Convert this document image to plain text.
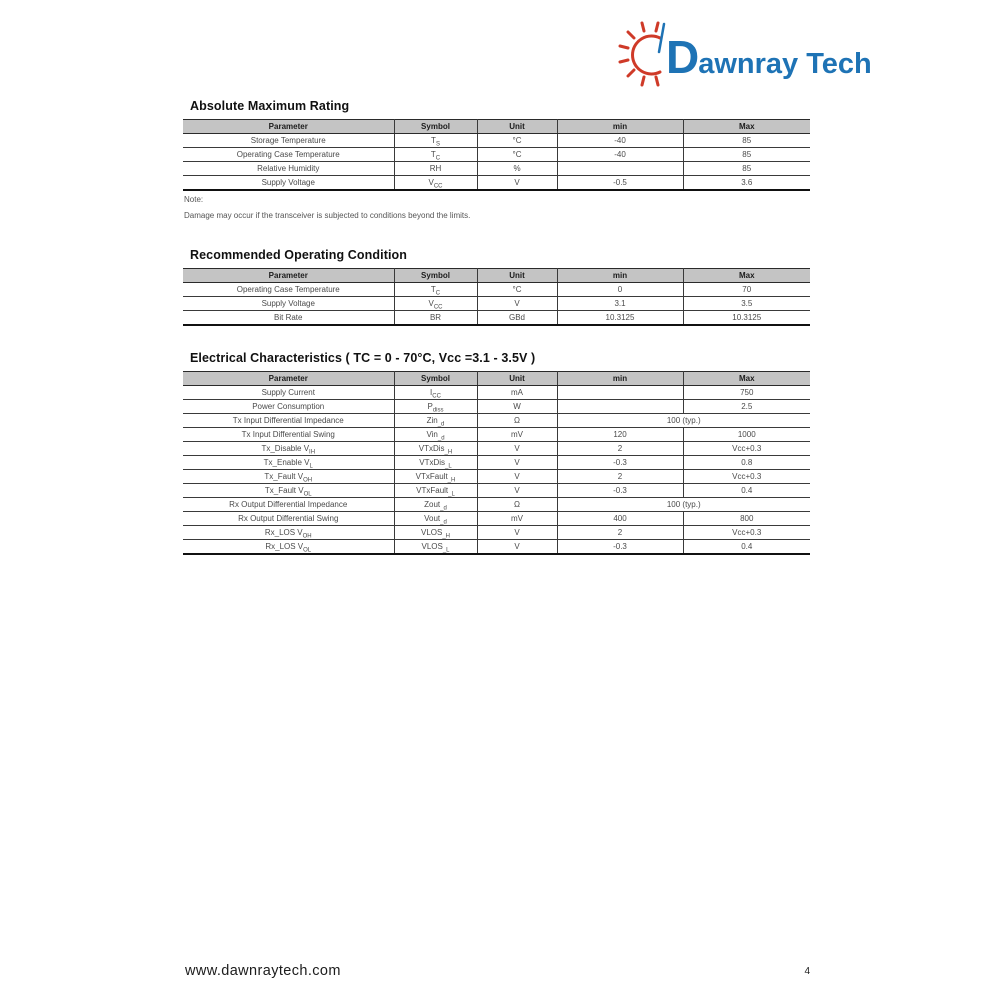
Dawnray Tech
Absolute Maximum Rating
Parameter	Symbol	Unit	min	Max
Storage Temperature	$T_S$	°C	-40	85
Operating Case Temperature	$T_C$	°C	-40	85
Relative Humidity	RH	%		85
Supply Voltage	$V_{CC}$	V	-0.5	3.6
Note:
Damage may occur if the transceiver is subjected to conditions beyond the limits.
Recommended Operating Condition
Parameter	Symbol	Unit	min	Max
Operating Case Temperature	$T_C$	°C	0	70
Supply Voltage	$V_{CC}$	V	3.1	3.5
Bit Rate	BR	GBd	10.3125	10.3125
Electrical Characteristics ( TC = 0 - 70°C, Vcc =3.1 - 3.5V )
Parameter	Symbol	Unit	min	Max
Supply Current	$I_{CC}$	mA		750
Power Consumption	$P_{diss}$	W		2.5
Tx Input Differential Impedance	Zin$_{\_d}$	Ω	100 (typ.)	
Tx Input Differential Swing	Vin$_{\_d}$	mV	120	1000
Tx_Disable $V_{IH}$	VTxDis$_{\_H}$	V	2	Vcc+0.3
Tx_Enable $V_L$	VTxDis$_{\_L}$	V	-0.3	0.8
Tx_Fault $V_{OH}$	VTxFault$_{\_H}$	V	2	Vcc+0.3
Tx_Fault $V_{OL}$	VTxFault$_{\_L}$	V	-0.3	0.4
Rx Output Differential Impedance	Zout$_{\_d}$	Ω	100 (typ.)	
Rx Output Differential Swing	Vout$_{\_d}$	mV	400	800
Rx_LOS $V_{OH}$	$VLOS_{\_H}$	V	2	Vcc+0.3
Rx_LOS $V_{OL}$	$VLOS_{\_L}$	V	-0.3	0.4
www.dawnraytech.com	4
